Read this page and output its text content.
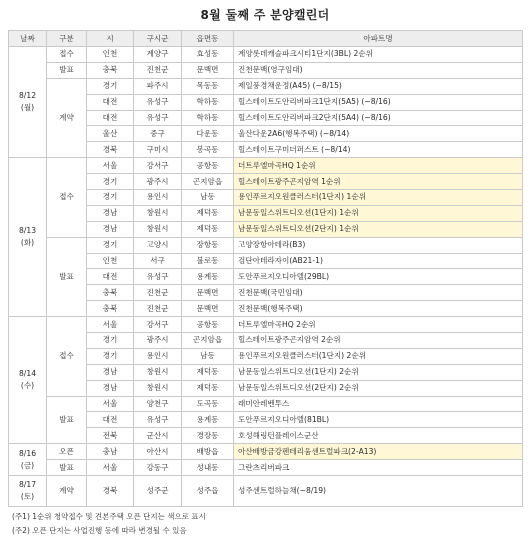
8월 둘째 주 분양캘린더
날짜	구분	시	구시군	읍면동	아파트명
8/12
(월)	접수	인천	계양구	효성동	계양롯데캐슬파크시티1단지(3BL) 2순위
	발표	충북	진천군	문백면	진천문백(영구임대)
	계약	경기	파주시	목동동	제일풍경채운정(A45) (~8/15)
		대전	유성구	학하동	힐스테이트도안리버파크1단지(5A5) (~8/16)
		대전	유성구	학하동	힐스테이트도안리버파크2단지(5A4) (~8/16)
		울산	중구	다운동	울산다운2A6(행복주택) (~8/14)
		경북	구미시	봉곡동	힐스테이트구미더퍼스트 (~8/14)
8/13
(화)	접수	서울	강서구	공항동	더트루엘마곡HQ 1순위
		경기	광주시	곤지암읍	힐스테이트광주곤지암역 1순위
		경기	용인시	남동	용인푸르지오원클러스터(1단지) 1순위
		경남	창원시	제덕동	남문동일스위트디오션(1단지) 1순위
		경남	창원시	제덕동	남문동일스위트디오션(2단지) 1순위
	발표	경기	고양시	장항동	고양장항아테라(B3)
		인천	서구	불로동	검단아테라자이(AB21-1)
		대전	유성구	용계동	도안푸르지오디아델(29BL)
		충북	진천군	문백면	진천문백(국민임대)
		충북	진천군	문백면	진천문백(행복주택)
8/14
(수)	접수	서울	강서구	공항동	더트루엘마곡HQ 2순위
		경기	광주시	곤지암읍	힐스테이트광주곤지암역 2순위
		경기	용인시	남동	용인푸르지오원클러스터(1단지) 2순위
		경남	창원시	제덕동	남문동일스위트디오션(1단지) 2순위
		경남	창원시	제덕동	남문동일스위트디오션(2단지) 2순위
	발표	서울	양천구	도곡동	래미안레벤투스
		대전	유성구	용계동	도안푸르지오디아델(81BL)
		전북	군산시	경장동	호성해링턴플레이스군산
8/16
(금)	오픈	충남	아산시	배방읍	아산배방금강펜테리움센트럴파크(2-A13)
	발표	서울	강동구	성내동	그란츠리버파크
8/17
(토)	계약	경북	성주군	성주읍	성주센트럴하늘채(~8/19)
(주1) 1순위 청약접수 및 견본주택 오픈 단지는 색으로 표시
(주2) 오픈 단지는 사업진행 등에 따라 변경될 수 있음
